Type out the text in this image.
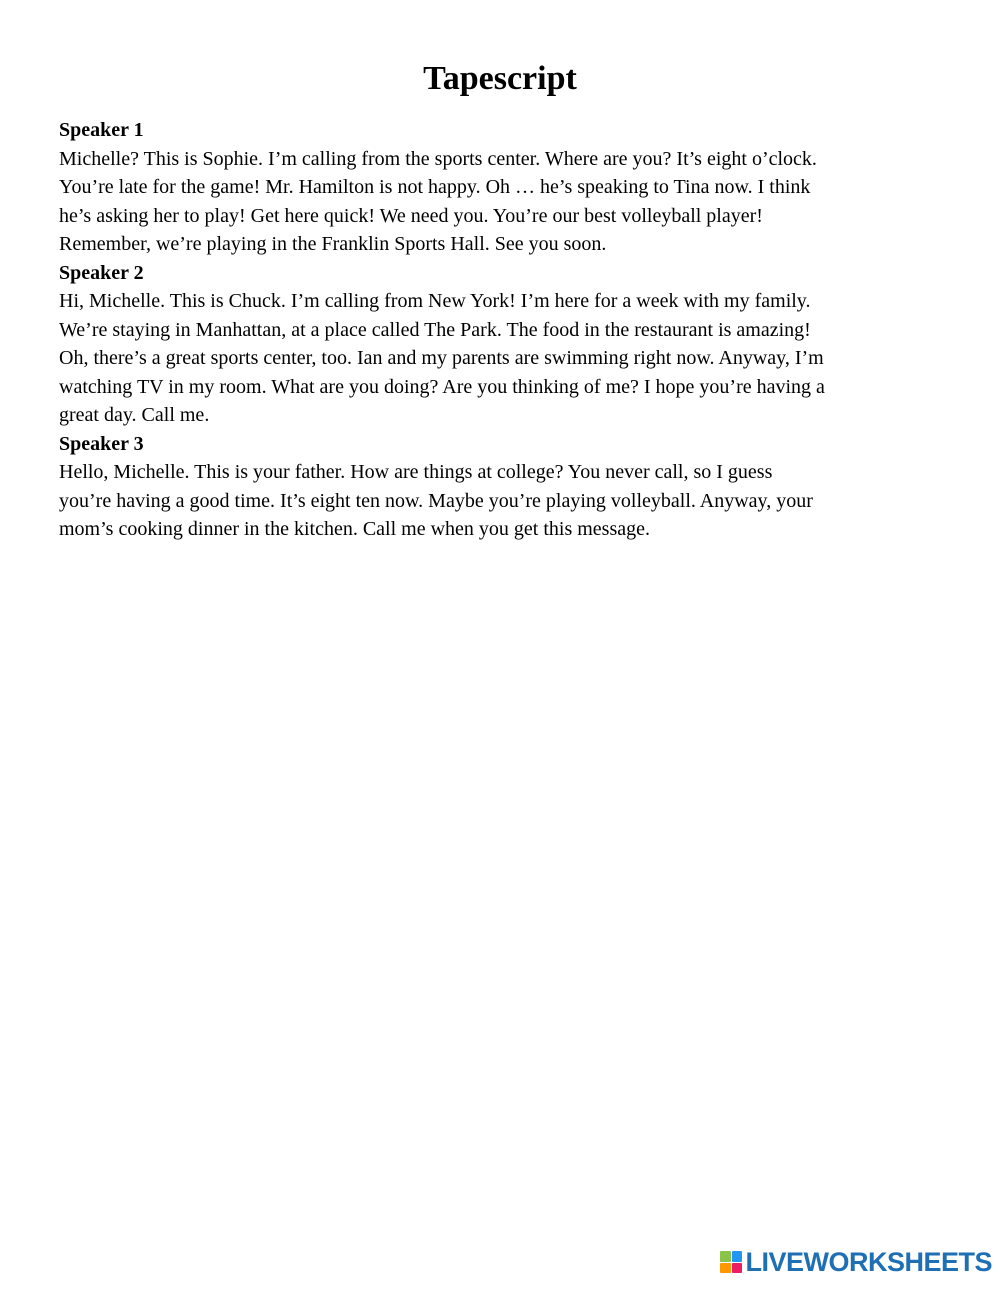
Tapescript

Speaker 1

Michelle? This is Sophie. I’m calling from the sports center. Where are you? It’s eight o’clock.
You’re late for the game! Mr. Hamilton is not happy. Oh … he’s speaking to Tina now. I think
he’s asking her to play! Get here quick! We need you. You’re our best volleyball player!
Remember, we’re playing in the Franklin Sports Hall. See you soon.

Speaker 2

Hi, Michelle. This is Chuck. I’m calling from New York! I’m here for a week with my family.
We’re staying in Manhattan, at a place called The Park. The food in the restaurant is amazing!
Oh, there’s a great sports center, too. Ian and my parents are swimming right now. Anyway, I’m
watching TV in my room. What are you doing? Are you thinking of me? I hope you’re having a
great day. Call me.

Speaker 3

Hello, Michelle. This is your father. How are things at college? You never call, so I guess
you’re having a good time. It’s eight ten now. Maybe you’re playing volleyball. Anyway, your
mom’s cooking dinner in the kitchen. Call me when you get this message.

LIVEWORKSHEETS
